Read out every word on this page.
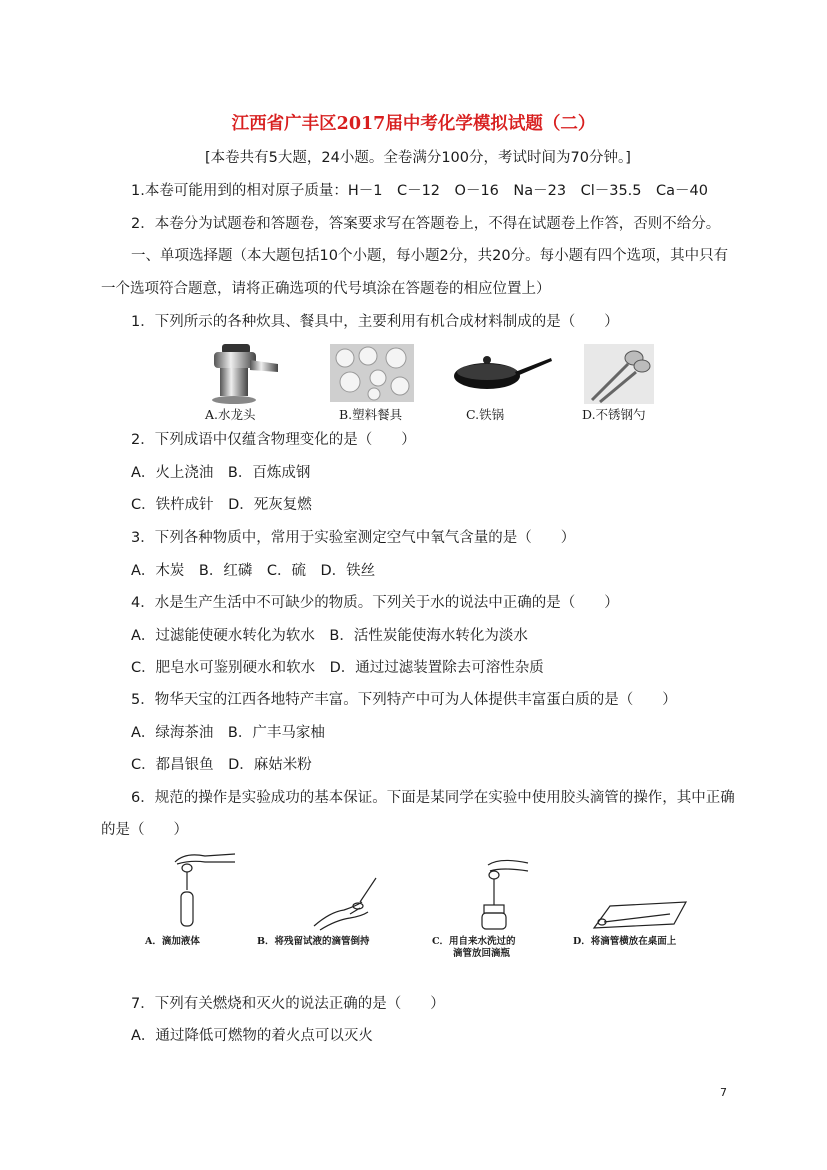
江西省广丰区2017届中考化学模拟试题（二）
[本卷共有5大题，24小题。全卷满分100分，考试时间为70分钟。]
1.本卷可能用到的相对原子质量：H－1　C－12　O－16　Na－23　Cl－35.5　Ca－40
2．本卷分为试题卷和答题卷，答案要求写在答题卷上，不得在试题卷上作答，否则不给分。
一、单项选择题（本大题包括10个小题，每小题2分，共20分。每小题有四个选项，其中只有
一个选项符合题意，请将正确选项的代号填涂在答题卷的相应位置上）
1．下列所示的各种炊具、餐具中，主要利用有机合成材料制成的是（　　）
A.水龙头	B.塑料餐具	C.铁锅	D.不锈钢勺
2．下列成语中仅蕴含物理变化的是（　　）
A．火上浇油　B．百炼成钢
C．铁杵成针　D．死灰复燃
3．下列各种物质中，常用于实验室测定空气中氧气含量的是（　　）
A．木炭　B．红磷　C．硫　D．铁丝
4．水是生产生活中不可缺少的物质。下列关于水的说法中正确的是（　　）
A．过滤能使硬水转化为软水　B．活性炭能使海水转化为淡水
C．肥皂水可鉴别硬水和软水　D．通过过滤装置除去可溶性杂质
5．物华天宝的江西各地特产丰富。下列特产中可为人体提供丰富蛋白质的是（　　）
A．绿海茶油　B．广丰马家柚
C．都昌银鱼　D．麻姑米粉
6．规范的操作是实验成功的基本保证。下面是某同学在实验中使用胶头滴管的操作，其中正确
的是（　　）
A．滴加液体	B．将残留试液的滴管倒持	C．用自来水洗过的
滴管放回滴瓶
D．将滴管横放在桌面上
7．下列有关燃烧和灭火的说法正确的是（　　）
A．通过降低可燃物的着火点可以灭火
7
